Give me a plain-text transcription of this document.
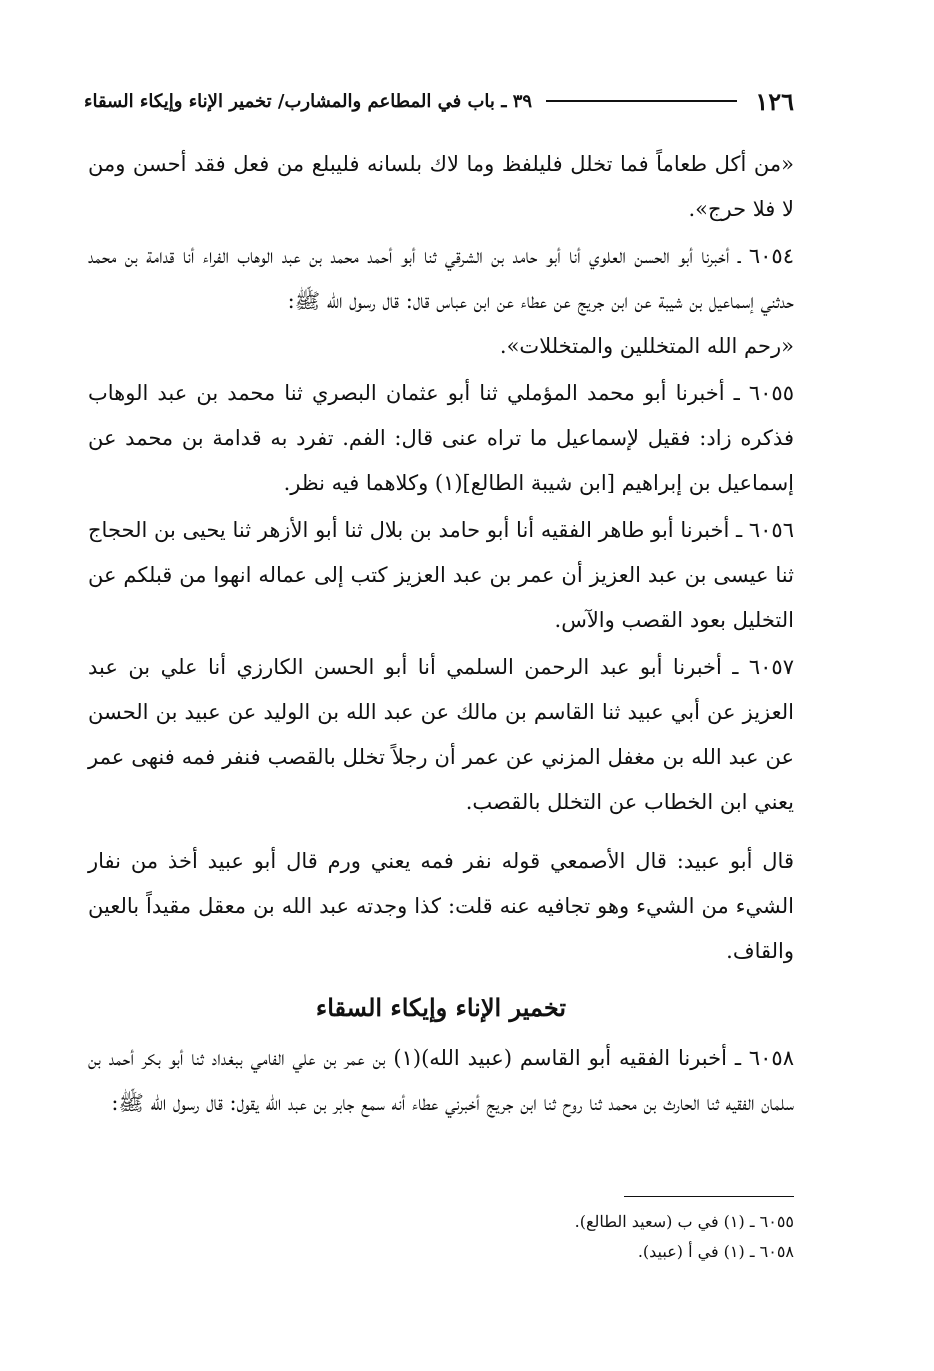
١٢٦
٣٩ ـ باب في المطاعم والمشارب/ تخمير الإناء وإيكاء السقاء

«من أكل طعاماً فما تخلل فليلفظ وما لاك بلسانه فليبلع من فعل فقد أحسن ومن لا فلا حرج».

٦٠٥٤ ـ أخبرنا أبو الحسن العلوي أنا أبو حامد بن الشرقي ثنا أبو أحمد محمد بن عبد الوهاب الفراء أنا قدامة بن محمد حدثني إسماعيل بن شيبة عن ابن جريج عن عطاء عن ابن عباس قال: قال رسول الله ﷺ:

«رحم الله المتخللين والمتخللات».

٦٠٥٥ ـ أخبرنا أبو محمد المؤملي ثنا أبو عثمان البصري ثنا محمد بن عبد الوهاب فذكره زاد: فقيل لإسماعيل ما تراه عنى قال: الفم. تفرد به قدامة بن محمد عن إسماعيل بن إبراهيم [ابن شيبة الطالع](١) وكلاهما فيه نظر.

٦٠٥٦ ـ أخبرنا أبو طاهر الفقيه أنا أبو حامد بن بلال ثنا أبو الأزهر ثنا يحيى بن الحجاج ثنا عيسى بن عبد العزيز أن عمر بن عبد العزيز كتب إلى عماله انهوا من قبلكم عن التخليل بعود القصب والآس.

٦٠٥٧ ـ أخبرنا أبو عبد الرحمن السلمي أنا أبو الحسن الكارزي أنا علي بن عبد العزيز عن أبي عبيد ثنا القاسم بن مالك عن عبد الله بن الوليد عن عبيد بن الحسن عن عبد الله بن مغفل المزني عن عمر أن رجلاً تخلل بالقصب فنفر فمه فنهى عمر يعني ابن الخطاب عن التخلل بالقصب.

قال أبو عبيد: قال الأصمعي قوله نفر فمه يعني ورم قال أبو عبيد أخذ من نفار الشيء من الشيء وهو تجافيه عنه قلت: كذا وجدته عبد الله بن معقل مقيداً بالعين والقاف.

تخمير الإناء وإيكاء السقاء

٦٠٥٨ ـ أخبرنا الفقيه أبو القاسم (عبيد الله)(١) بن عمر بن علي الفامي ببغداد ثنا أبو بكر أحمد بن سلمان الفقيه ثنا الحارث بن محمد ثنا روح ثنا ابن جريج أخبرني عطاء أنه سمع جابر بن عبد الله يقول: قال رسول الله ﷺ:

٦٠٥٥ ـ (١) في ب (سعيد الطالع).

٦٠٥٨ ـ (١) في أ (عبيد).
